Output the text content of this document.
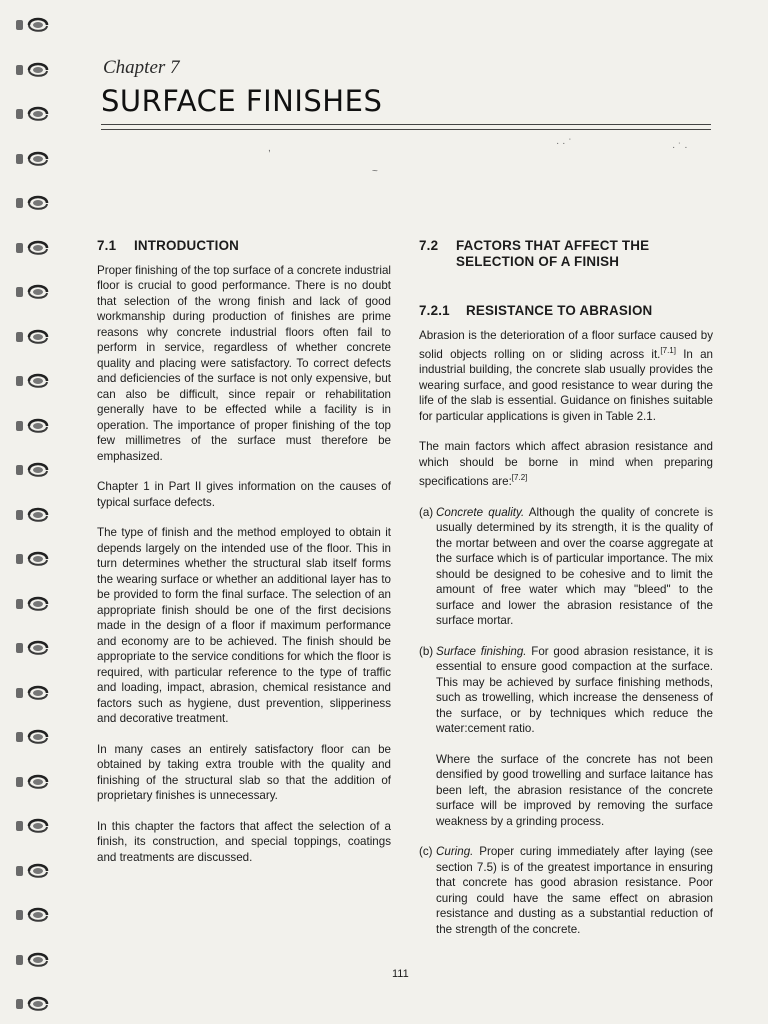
Chapter 7
SURFACE FINISHES
,
~
· · ˈ	· ˙ ·
7.1	INTRODUCTION

Proper finishing of the top surface of a concrete industrial floor is crucial to good performance. There is no doubt that selection of the wrong finish and lack of good workmanship during production of finishes are prime reasons why concrete industrial floors often fail to perform in service, regardless of whether concrete quality and placing were satisfactory. To correct defects and deficiencies of the surface is not only expensive, but can also be difficult, since repair or rehabilitation generally have to be effected while a facility is in operation. The importance of proper finishing of the top few millimetres of the surface must therefore be emphasized.

Chapter 1 in Part II gives information on the causes of typical surface defects.

The type of finish and the method employed to obtain it depends largely on the intended use of the floor. This in turn determines whether the structural slab itself forms the wearing surface or whether an additional layer has to be provided to form the final surface. The selection of an appropriate finish should be one of the first decisions made in the design of a floor if maximum performance and economy are to be achieved. The finish should be appropriate to the service conditions for which the floor is required, with particular reference to the type of traffic and loading, impact, abrasion, chemical resistance and factors such as hygiene, dust prevention, slipperiness and decorative treatment.

In many cases an entirely satisfactory floor can be obtained by taking extra trouble with the quality and finishing of the structural slab so that the addition of proprietary finishes is unnecessary.

In this chapter the factors that affect the selection of a finish, its construction, and special toppings, coatings and treatments are discussed.

7.2	FACTORS THAT AFFECT THE
SELECTION OF A FINISH
7.2.1	RESISTANCE TO ABRASION

Abrasion is the deterioration of a floor surface caused by solid objects rolling on or sliding across it.[7.1] In an industrial building, the concrete slab usually provides the wearing surface, and good resistance to wear during the life of the slab is essential. Guidance on finishes suitable for particular applications is given in Table 2.1.

The main factors which affect abrasion resistance and which should be borne in mind when preparing specifications are:[7.2]

(a) Concrete quality. Although the quality of concrete is usually determined by its strength, it is the quality of the mortar between and over the coarse aggregate at the surface which is of particular importance. The mix should be designed to be cohesive and to limit the amount of free water which may "bleed" to the surface and lower the abrasion resistance of the surface mortar.
(b) Surface finishing. For good abrasion resistance, it is essential to ensure good compaction at the surface. This may be achieved by surface finishing methods, such as trowelling, which increase the denseness of the surface, or by techniques which reduce the water:cement ratio.

Where the surface of the concrete has not been densified by good trowelling and surface laitance has been left, the abrasion resistance of the concrete surface will be improved by removing the surface weakness by a grinding process.

(c) Curing. Proper curing immediately after laying (see section 7.5) is of the greatest importance in ensuring that concrete has good abrasion resistance. Poor curing could have the same effect on abrasion resistance and dusting as a substantial reduction of the strength of the concrete.
111
